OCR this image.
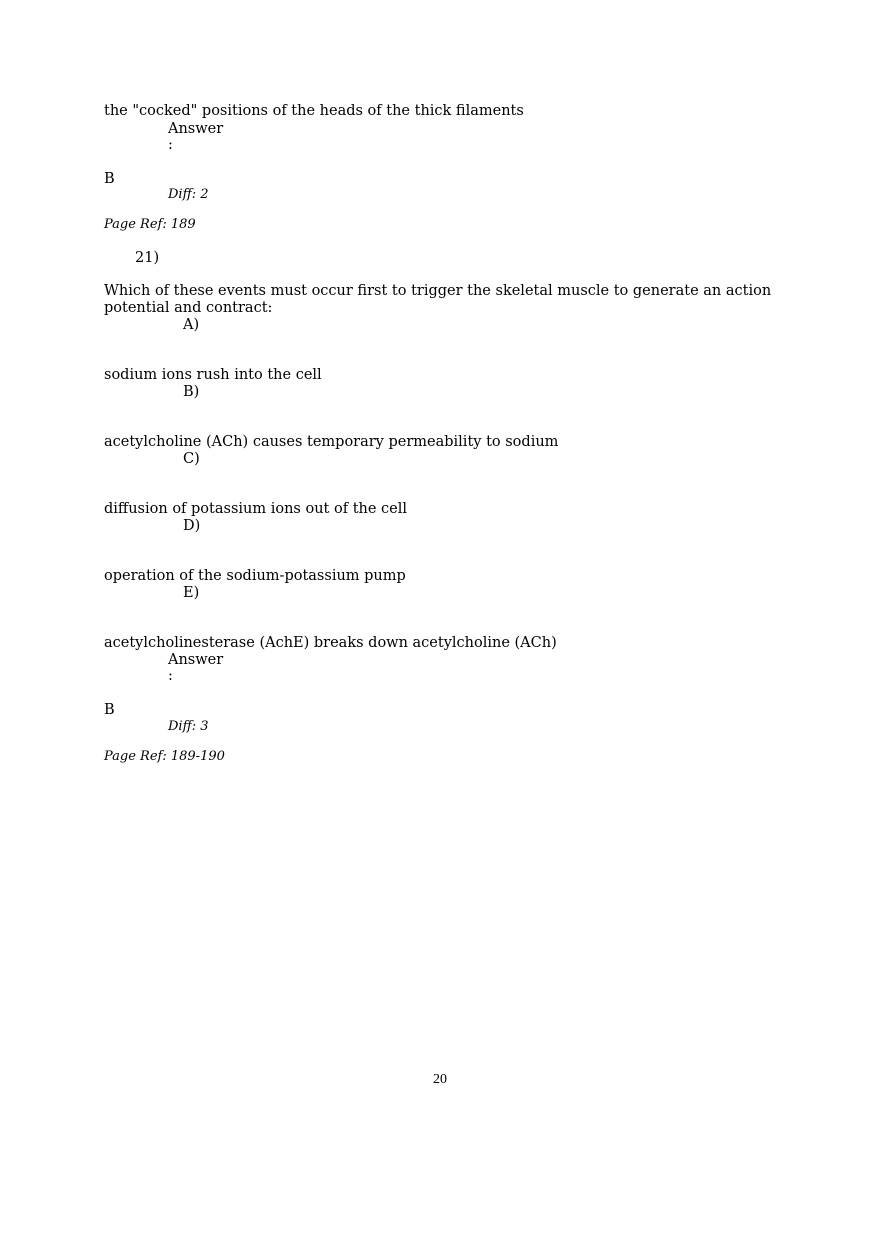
the "cocked" positions of the heads of the thick filaments
Answer
:
B
Diff: 2
Page Ref: 189
21)
Which of these events must occur first to trigger the skeletal muscle to generate an action
potential and contract:
A)
sodium ions rush into the cell
B)
acetylcholine (ACh) causes temporary permeability to sodium
C)
diffusion of potassium ions out of the cell
D)
operation of the sodium-potassium pump
E)
acetylcholinesterase (AchE) breaks down acetylcholine (ACh)
Answer
:
B
Diff: 3
Page Ref: 189-190
20
